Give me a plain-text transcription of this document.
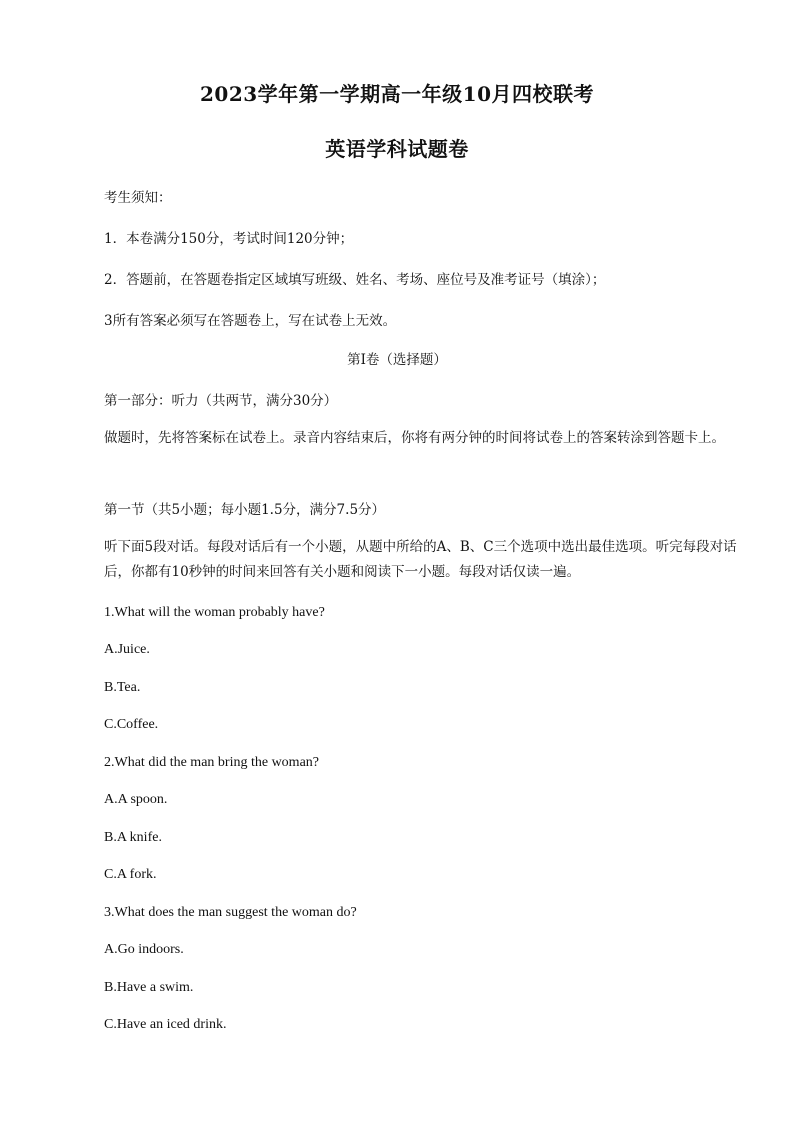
2023学年第一学期高一年级10月四校联考
英语学科试题卷
考生须知：
1．本卷满分150分，考试时间120分钟；
2．答题前，在答题卷指定区域填写班级、姓名、考场、座位号及准考证号（填涂）；
3所有答案必须写在答题卷上，写在试卷上无效。
第Ⅰ卷（选择题）
第一部分：听力（共两节，满分30分）
做题时，先将答案标在试卷上。录音内容结束后，你将有两分钟的时间将试卷上的答案转涂到答题卡上。
第一节（共5小题；每小题1.5分，满分7.5分）
听下面5段对话。每段对话后有一个小题，从题中所给的A、B、C三个选项中选出最佳选项。听完每段对话后，你都有10秒钟的时间来回答有关小题和阅读下一小题。每段对话仅读一遍。
1.What will the woman probably have?
A.Juice.
B.Tea.
C.Coffee.
2.What did the man bring the woman?
A.A spoon.
B.A knife.
C.A fork.
3.What does the man suggest the woman do?
A.Go indoors.
B.Have a swim.
C.Have an iced drink.
